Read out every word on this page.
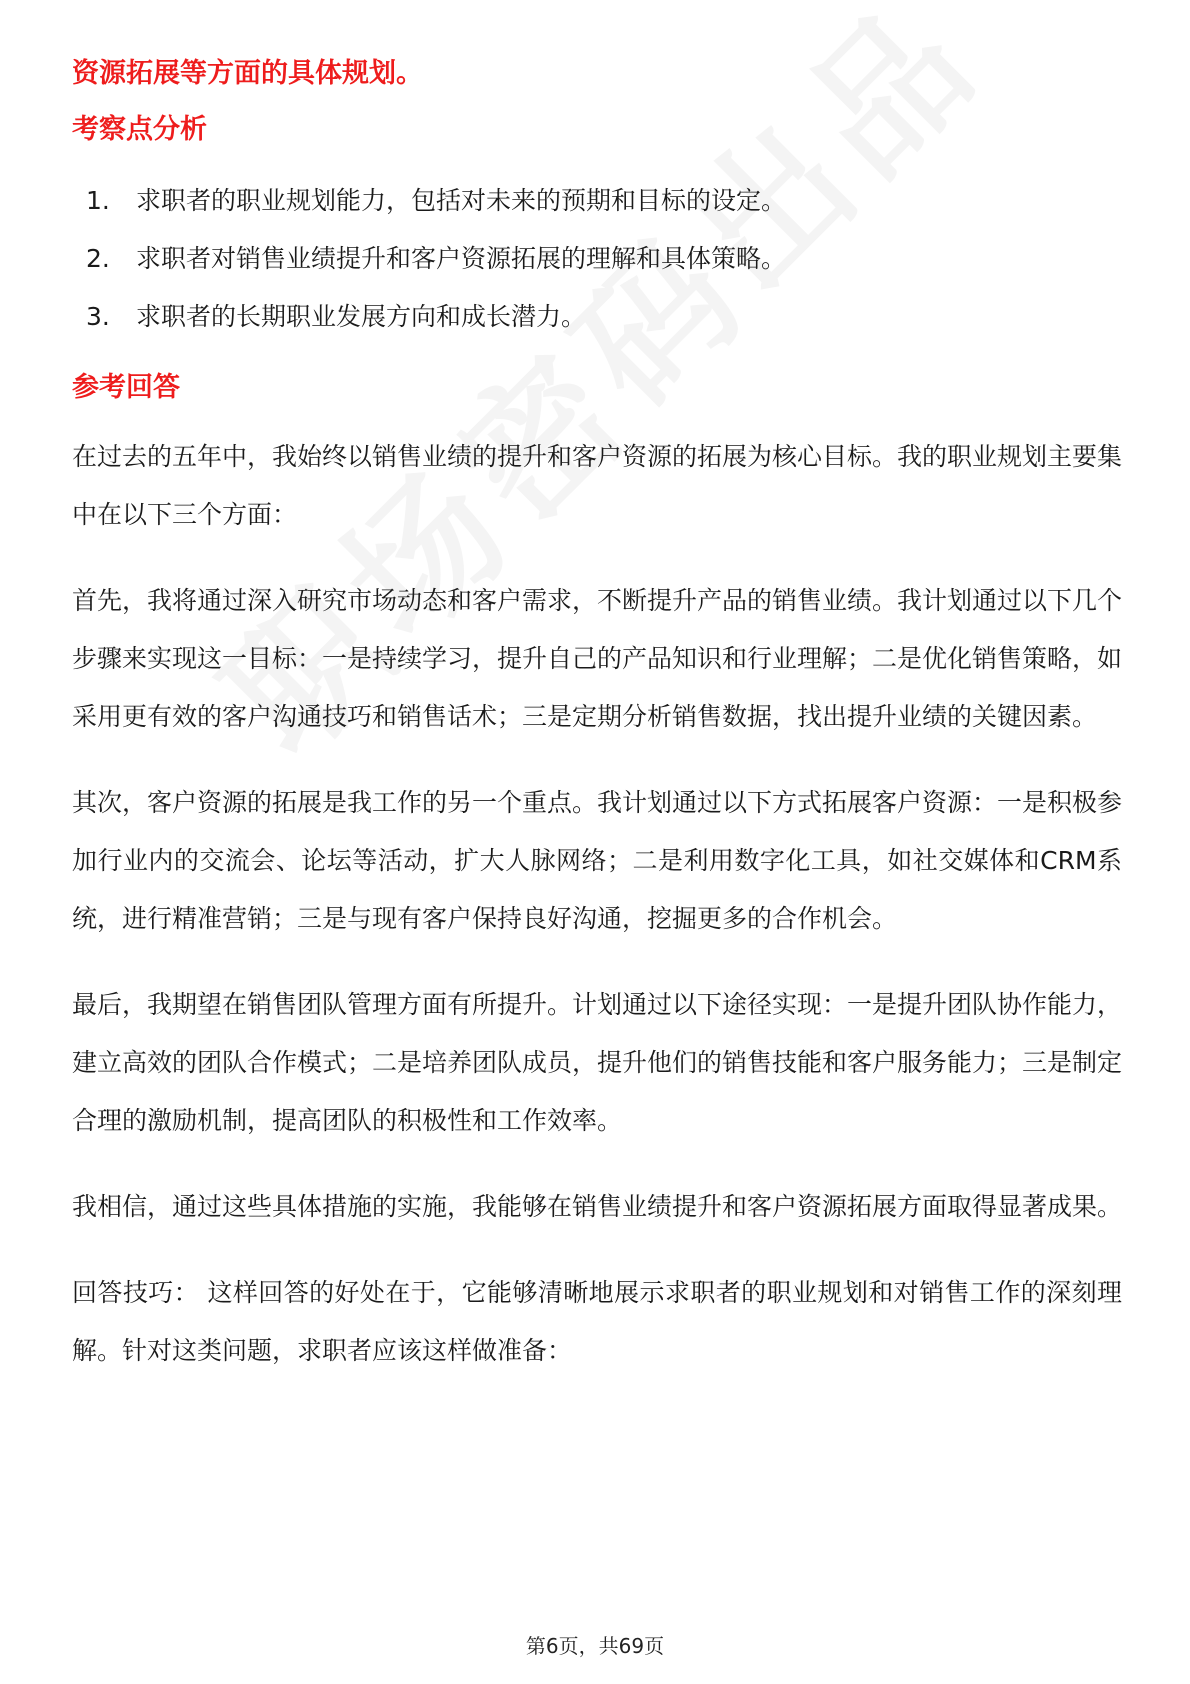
资源拓展等方面的具体规划。
考察点分析
1.	求职者的职业规划能力，包括对未来的预期和目标的设定。
2.	求职者对销售业绩提升和客户资源拓展的理解和具体策略。
3.	求职者的长期职业发展方向和成长潜力。
参考回答

在过去的五年中，我始终以销售业绩的提升和客户资源的拓展为核心目标。我的职业规划主要集中在以下三个方面：

首先，我将通过深入研究市场动态和客户需求，不断提升产品的销售业绩。我计划通过以下几个步骤来实现这一目标：一是持续学习，提升自己的产品知识和行业理解；二是优化销售策略，如采用更有效的客户沟通技巧和销售话术；三是定期分析销售数据，找出提升业绩的关键因素。

其次，客户资源的拓展是我工作的另一个重点。我计划通过以下方式拓展客户资源：一是积极参加行业内的交流会、论坛等活动，扩大人脉网络；二是利用数字化工具，如社交媒体和CRM系统，进行精准营销；三是与现有客户保持良好沟通，挖掘更多的合作机会。

最后，我期望在销售团队管理方面有所提升。计划通过以下途径实现：一是提升团队协作能力，建立高效的团队合作模式；二是培养团队成员，提升他们的销售技能和客户服务能力；三是制定合理的激励机制，提高团队的积极性和工作效率。

我相信，通过这些具体措施的实施，我能够在销售业绩提升和客户资源拓展方面取得显著成果。

回答技巧： 这样回答的好处在于，它能够清晰地展示求职者的职业规划和对销售工作的深刻理解。针对这类问题，求职者应该这样做准备：

第6页，共69页
